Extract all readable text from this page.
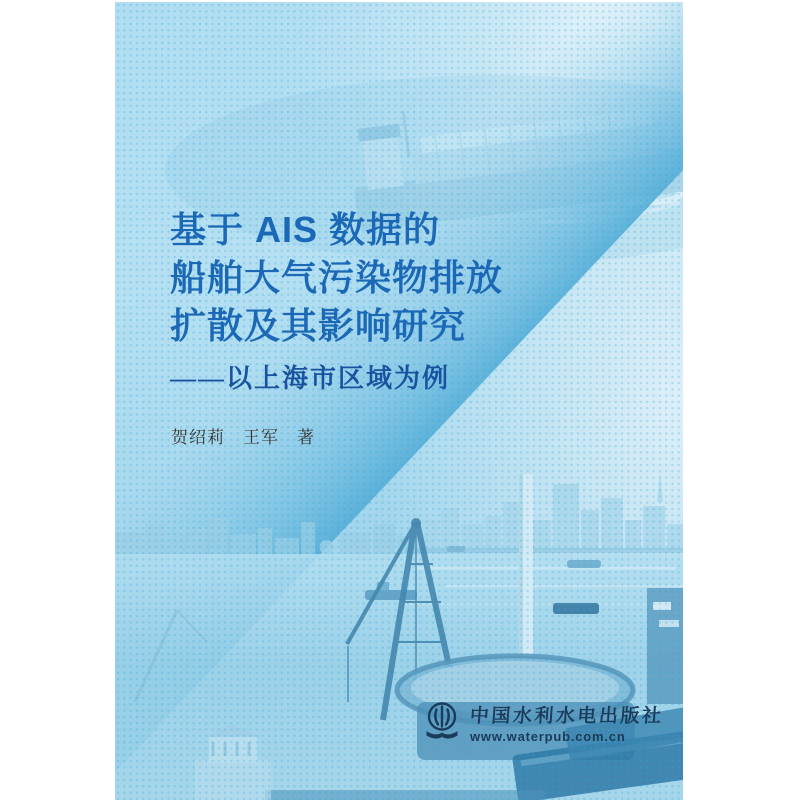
基于 AIS 数据的
船舶大气污染物排放
扩散及其影响研究
——以上海市区域为例
贺绍莉　王军　著
中国水利水电出版社
www.waterpub.com.cn
